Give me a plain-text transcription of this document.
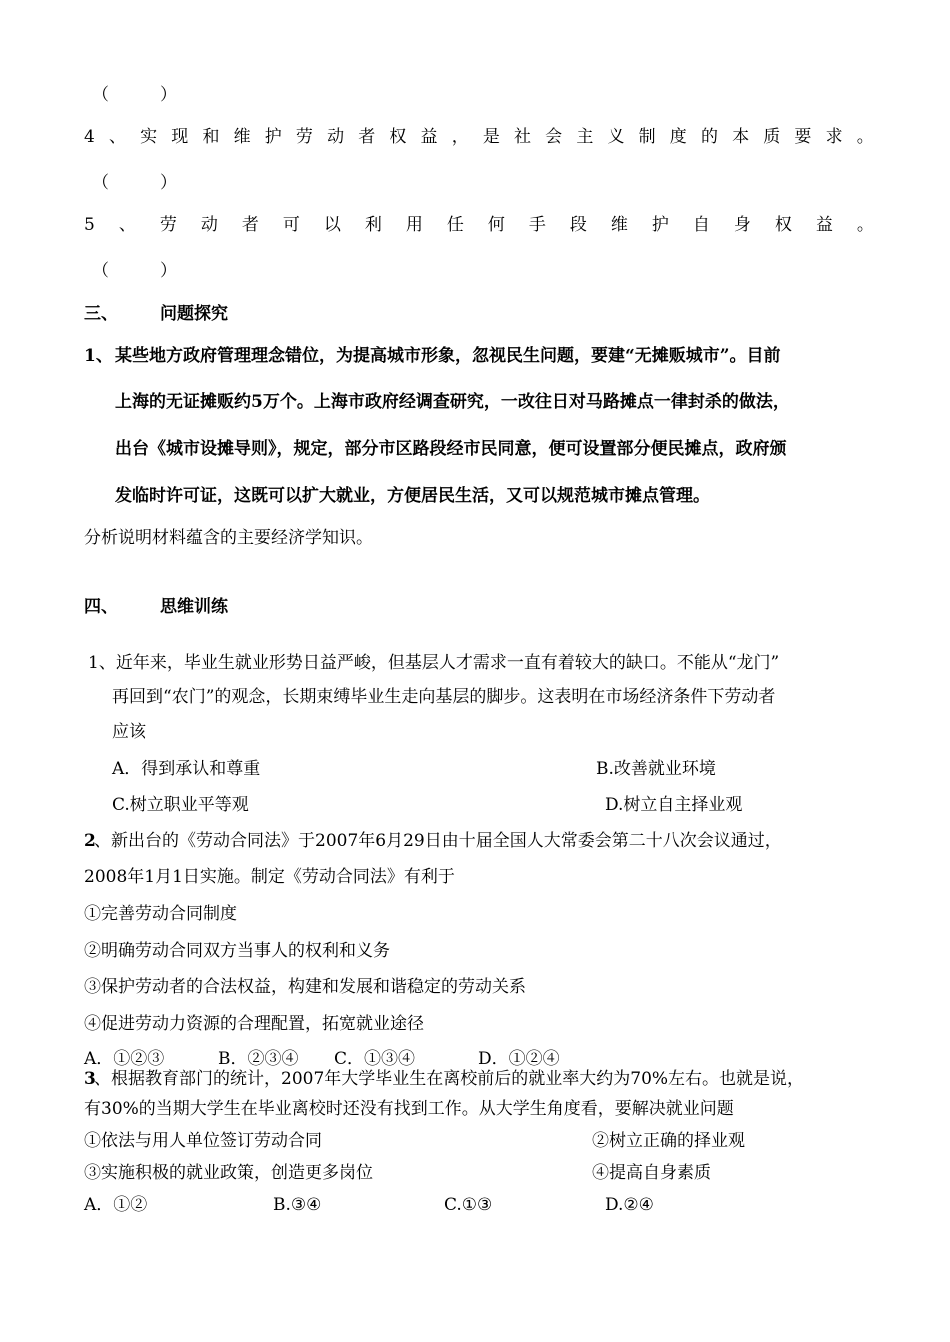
（　　　）
4 、 实 现 和 维 护 劳 动 者 权 益 ， 是 社 会 主 义 制 度 的 本 质 要 求 。
（　　　）
5 、 劳 动 者 可 以 利 用 任 何 手 段 维 护 自 身 权 益 。
（　　　）
三、 问题探究
1、 某些地方政府管理理念错位，为提高城市形象，忽视民生问题，要建“无摊贩城市”。目前
上海的无证摊贩约5万个。上海市政府经调查研究，一改往日对马路摊点一律封杀的做法，
出台《城市设摊导则》，规定，部分市区路段经市民同意，便可设置部分便民摊点，政府颁
发临时许可证，这既可以扩大就业，方便居民生活，又可以规范城市摊点管理。
分析说明材料蕴含的主要经济学知识。
四、 思维训练
1、近年来，毕业生就业形势日益严峻，但基层人才需求一直有着较大的缺口。不能从“龙门”
再回到“农门”的观念，长期束缚毕业生走向基层的脚步。这表明在市场经济条件下劳动者
应该
A．得到承认和尊重	B.改善就业环境
C.树立职业平等观	D.树立自主择业观
2
、新出台的《劳动合同法》于2007年6月29日由十届全国人大常委会第二十八次会议通过，
2008年1月1日实施。制定《劳动合同法》有利于
①完善劳动合同制度
②明确劳动合同双方当事人的权利和义务
③保护劳动者的合法权益，构建和发展和谐稳定的劳动关系
④促进劳动力资源的合理配置，拓宽就业途径
A．①②③	B．②③④ C．①③④	D．①②④
3
、根据教育部门的统计，2007年大学毕业生在离校前后的就业率大约为70%左右。也就是说，
有30%的当期大学生在毕业离校时还没有找到工作。从大学生角度看，要解决就业问题
①依法与用人单位签订劳动合同	②树立正确的择业观
③实施积极的就业政策，创造更多岗位	④提高自身素质
A．①②	B.③④	C.①③	D.②④
